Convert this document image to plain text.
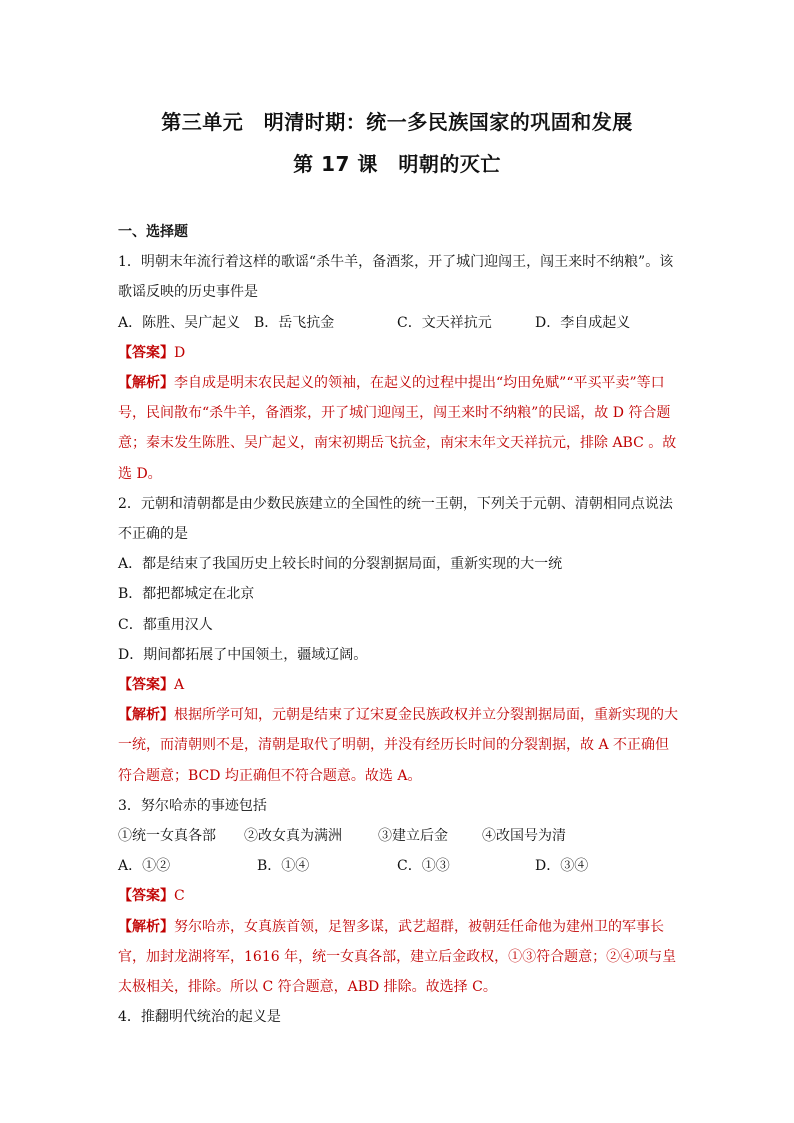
第三单元　明清时期：统一多民族国家的巩固和发展
第 17 课　明朝的灭亡

一、选择题

1．明朝末年流行着这样的歌谣“杀牛羊，备酒浆，开了城门迎闯王，闯王来时不纳粮”。该歌谣反映的历史事件是

A．陈胜、吴广起义 B．岳飞抗金	C．文天祥抗元	D．李自成起义

【答案】D

【解析】李自成是明末农民起义的领袖，在起义的过程中提出“均田免赋”“平买平卖”等口号，民间散布“杀牛羊，备酒浆，开了城门迎闯王，闯王来时不纳粮”的民谣，故 D 符合题意；秦末发生陈胜、吴广起义，南宋初期岳飞抗金，南宋末年文天祥抗元，排除 ABC 。故选 D。

2．元朝和清朝都是由少数民族建立的全国性的统一王朝，下列关于元朝、清朝相同点说法不正确的是

A．都是结束了我国历史上较长时间的分裂割据局面，重新实现的大一统

B．都把都城定在北京

C．都重用汉人

D．期间都拓展了中国领土，疆域辽阔。

【答案】A

【解析】根据所学可知，元朝是结束了辽宋夏金民族政权并立分裂割据局面，重新实现的大一统，而清朝则不是，清朝是取代了明朝，并没有经历长时间的分裂割据，故 A 不正确但符合题意；BCD 均正确但不符合题意。故选 A。

3．努尔哈赤的事迹包括

①统一女真各部	②改女真为满洲	③建立后金	④改国号为清
A．①②	B．①④	C．①③	D．③④

【答案】C

【解析】努尔哈赤，女真族首领，足智多谋，武艺超群，被朝廷任命他为建州卫的军事长官，加封龙湖将军，1616 年，统一女真各部，建立后金政权，①③符合题意；②④项与皇太极相关，排除。所以 C 符合题意，ABD 排除。故选择 C。

4．推翻明代统治的起义是
